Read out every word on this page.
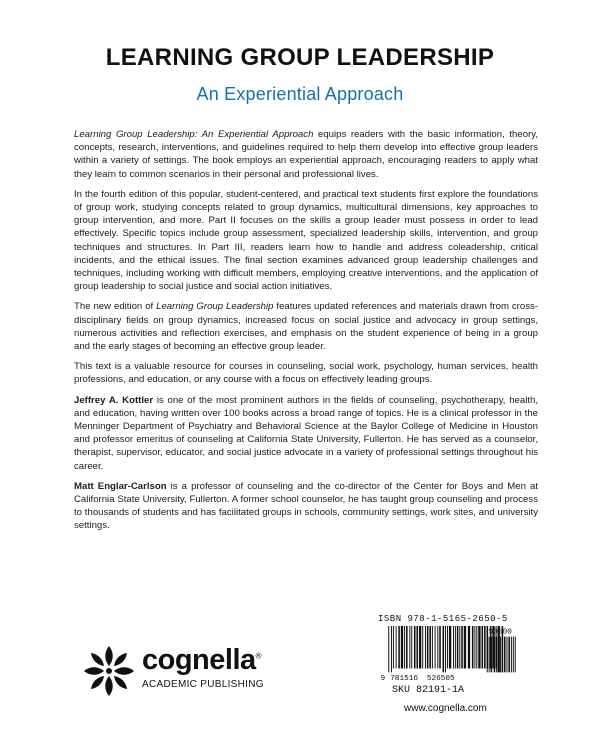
LEARNING GROUP LEADERSHIP
An Experiential Approach

Learning Group Leadership: An Experiential Approach equips readers with the basic information, theory, concepts, research, interventions, and guidelines required to help them develop into effective group leaders within a variety of settings. The book employs an experiential approach, encouraging readers to apply what they learn to common scenarios in their personal and professional lives.

In the fourth edition of this popular, student-centered, and practical text students first explore the foundations of group work, studying concepts related to group dynamics, multicultural dimensions, key approaches to group intervention, and more. Part II focuses on the skills a group leader must possess in order to lead effectively. Specific topics include group assessment, specialized leadership skills, intervention, and group techniques and structures. In Part III, readers learn how to handle and address coleadership, critical incidents, and the ethical issues. The final section examines advanced group leadership challenges and techniques, including working with difficult members, employing creative interventions, and the application of group leadership to social justice and social action initiatives.

The new edition of Learning Group Leadership features updated references and materials drawn from cross-disciplinary fields on group dynamics, increased focus on social justice and advocacy in group settings, numerous activities and reflection exercises, and emphasis on the student experience of being in a group and the early stages of becoming an effective group leader.

This text is a valuable resource for courses in counseling, social work, psychology, human services, health professions, and education, or any course with a focus on effectively leading groups.

Jeffrey A. Kottler is one of the most prominent authors in the fields of counseling, psychotherapy, health, and education, having written over 100 books across a broad range of topics. He is a clinical professor in the Menninger Department of Psychiatry and Behavioral Science at the Baylor College of Medicine in Houston and professor emeritus of counseling at California State University, Fullerton. He has served as a counselor, therapist, supervisor, educator, and social justice advocate in a variety of professional settings throughout his career.

Matt Englar-Carlson is a professor of counseling and the co-director of the Center for Boys and Men at California State University, Fullerton. A former school counselor, he has taught group counseling and process to thousands of students and has facilitated groups in schools, community settings, work sites, and university settings.

cognella®
ACADEMIC PUBLISHING
ISBN 978-1-5165-2650-5
9 781516 526505
90000
SKU 82191-1A
www.cognella.com
